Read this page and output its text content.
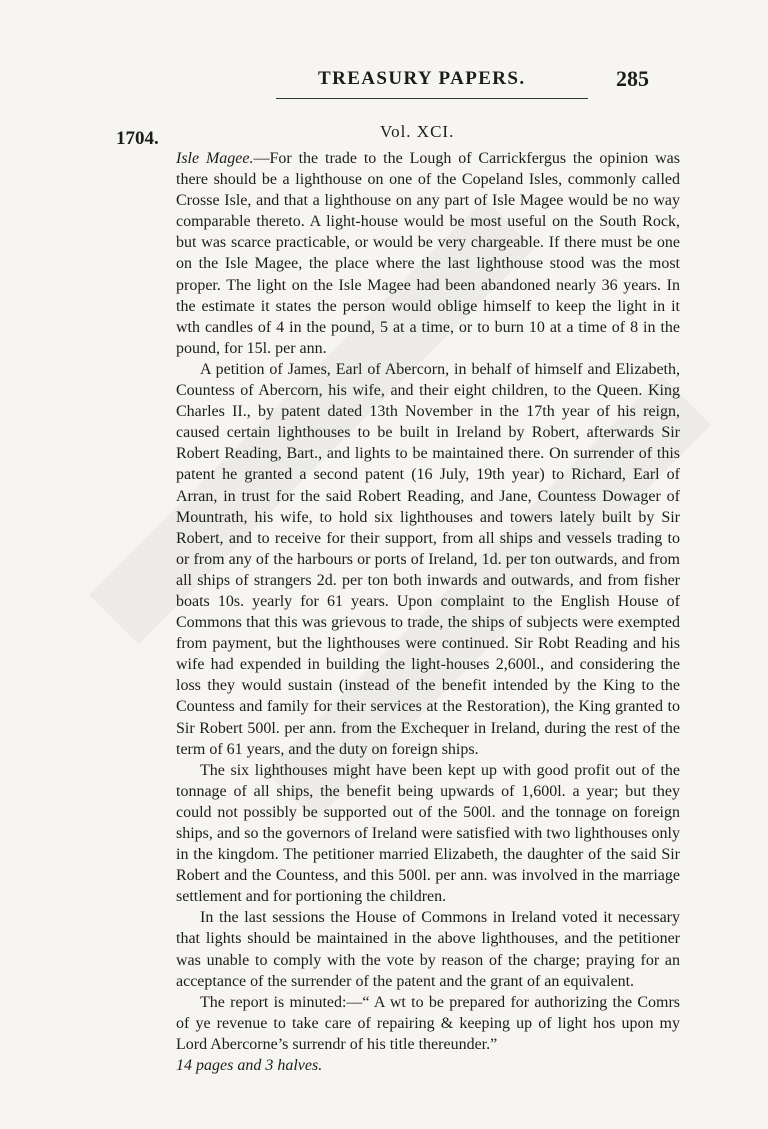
TREASURY PAPERS.	285
1704.	Vol. XCI.

Isle Magee.—For the trade to the Lough of Carrickfergus the opinion was there should be a lighthouse on one of the Copeland Isles, commonly called Crosse Isle, and that a lighthouse on any part of Isle Magee would be no way comparable thereto. A light-house would be most useful on the South Rock, but was scarce practicable, or would be very chargeable. If there must be one on the Isle Magee, the place where the last lighthouse stood was the most proper. The light on the Isle Magee had been abandoned nearly 36 years. In the estimate it states the person would oblige himself to keep the light in it wth candles of 4 in the pound, 5 at a time, or to burn 10 at a time of 8 in the pound, for 15l. per ann.

A petition of James, Earl of Abercorn, in behalf of himself and Elizabeth, Countess of Abercorn, his wife, and their eight children, to the Queen. King Charles II., by patent dated 13th November in the 17th year of his reign, caused certain lighthouses to be built in Ireland by Robert, afterwards Sir Robert Reading, Bart., and lights to be maintained there. On surrender of this patent he granted a second patent (16 July, 19th year) to Richard, Earl of Arran, in trust for the said Robert Reading, and Jane, Countess Dowager of Mountrath, his wife, to hold six lighthouses and towers lately built by Sir Robert, and to receive for their support, from all ships and vessels trading to or from any of the harbours or ports of Ireland, 1d. per ton outwards, and from all ships of strangers 2d. per ton both inwards and outwards, and from fisher boats 10s. yearly for 61 years. Upon complaint to the English House of Commons that this was grievous to trade, the ships of subjects were exempted from payment, but the lighthouses were continued. Sir Robt Reading and his wife had expended in building the light-houses 2,600l., and considering the loss they would sustain (instead of the benefit intended by the King to the Countess and family for their services at the Restoration), the King granted to Sir Robert 500l. per ann. from the Exchequer in Ireland, during the rest of the term of 61 years, and the duty on foreign ships.

The six lighthouses might have been kept up with good profit out of the tonnage of all ships, the benefit being upwards of 1,600l. a year; but they could not possibly be supported out of the 500l. and the tonnage on foreign ships, and so the governors of Ireland were satisfied with two lighthouses only in the kingdom. The petitioner married Elizabeth, the daughter of the said Sir Robert and the Countess, and this 500l. per ann. was involved in the marriage settlement and for portioning the children.

In the last sessions the House of Commons in Ireland voted it necessary that lights should be maintained in the above lighthouses, and the petitioner was unable to comply with the vote by reason of the charge; praying for an acceptance of the surrender of the patent and the grant of an equivalent.

The report is minuted:—“ A wt to be prepared for authorizing the Comrs of ye revenue to take care of repairing & keeping up of light hos upon my Lord Abercorne’s surrendr of his title thereunder.”
14 pages and 3 halves.
